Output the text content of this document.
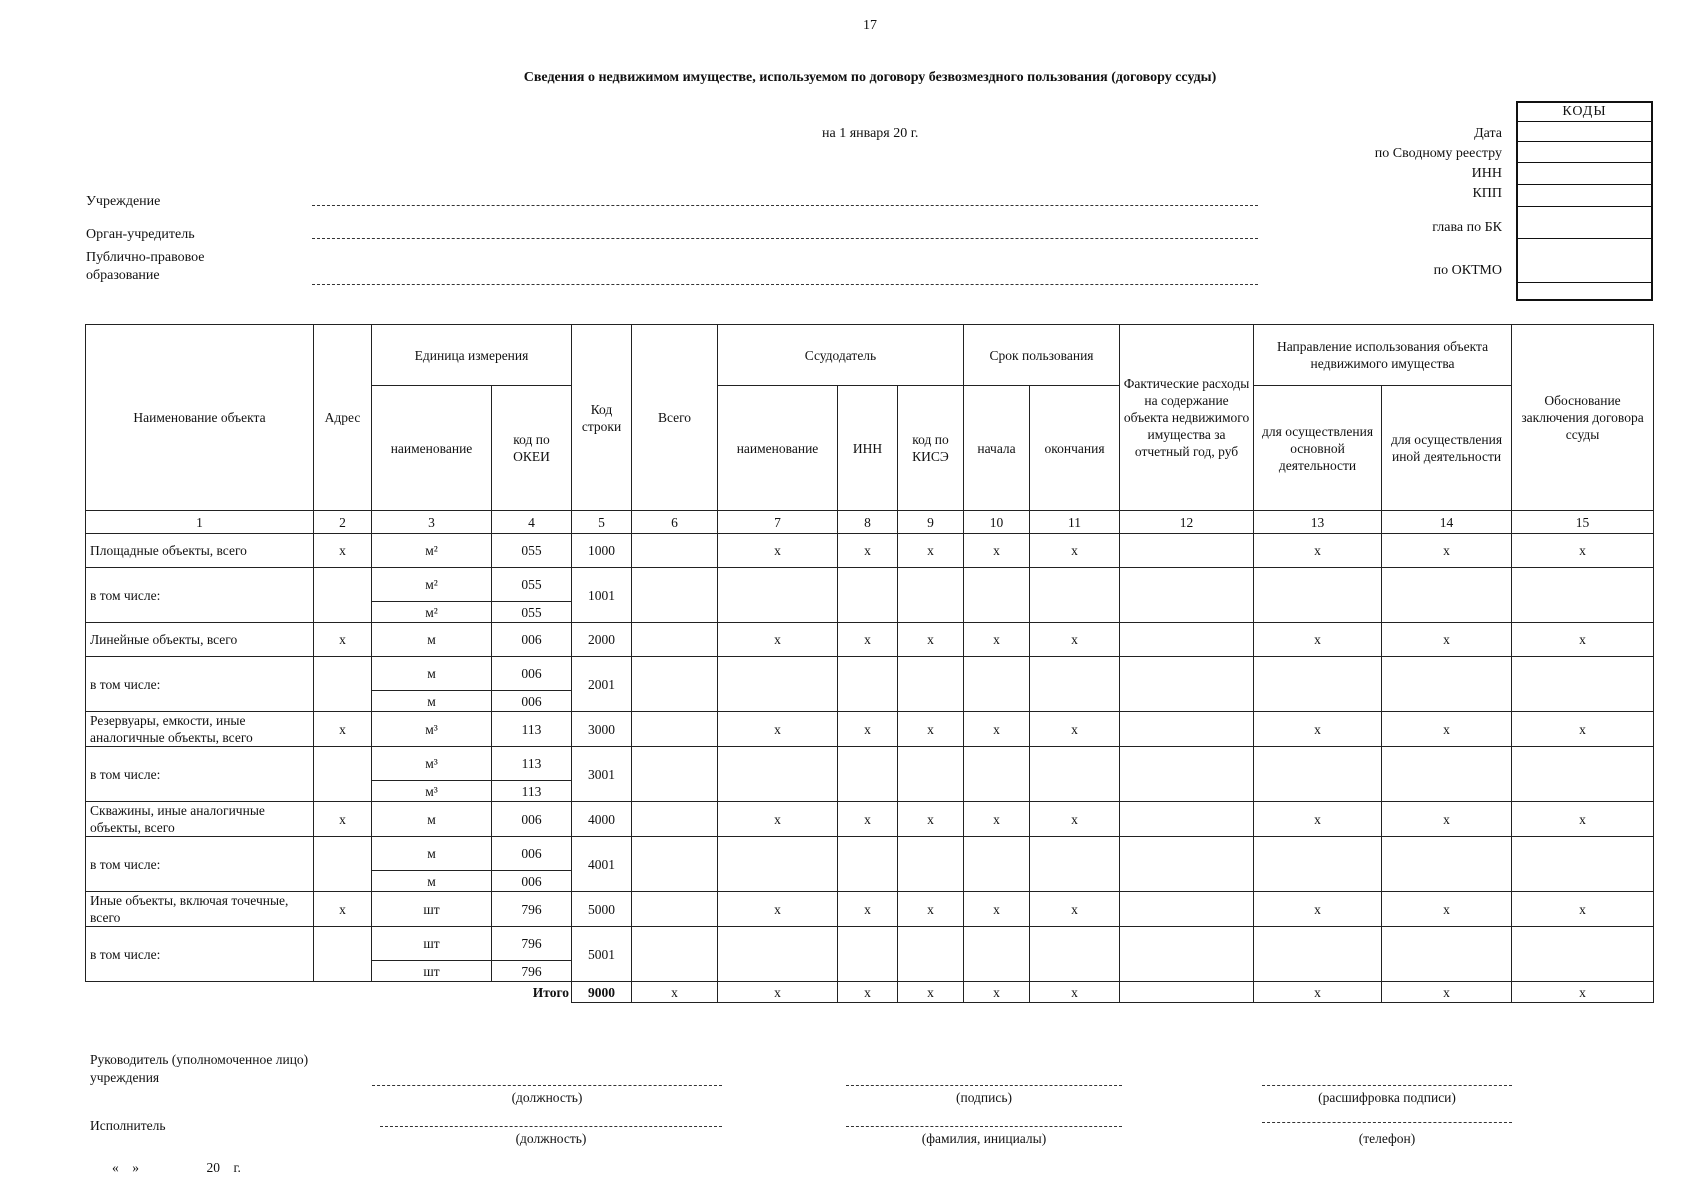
17
Сведения о недвижимом имуществе, используемом по договору безвозмездного пользования (договору ссуды)
на 1 января 20 г.
КОДЫ
Дата
по Сводному реестру
ИНН
КПП
глава по БК
по ОКТМО
Учреждение
Орган-учредитель
Публично-правовое образование
Наименование объекта	Адрес	Единица измерения		Код строки	Всего	Ссудодатель			Срок пользования		Фактические расходы на содержание объекта недвижимого имущества за отчетный год, руб	Направление использования объекта недвижимого имущества		Обоснование заключения договора ссуды
		наименование	код по ОКЕИ			наименование	ИНН	код по КИСЭ	начала	окончания		для осуществления основной деятельности	для осуществления иной деятельности	
1	2	3	4	5	6	7	8	9	10	11	12	13	14	15
Площадные объекты, всего	x	м²	055	1000		x	x	x	x	x		x	x	x
в том числе:		м²	055	1001										
		м²	055											
Линейные объекты, всего	x	м	006	2000		x	x	x	x	x		x	x	x
в том числе:		м	006	2001										
		м	006											
Резервуары, емкости, иные аналогичные объекты, всего	x	м³	113	3000		x	x	x	x	x		x	x	x
в том числе:		м³	113	3001										
		м³	113											
Скважины, иные аналогичные объекты, всего	x	м	006	4000		x	x	x	x	x		x	x	x
в том числе:		м	006	4001										
		м	006											
Иные объекты, включая точечные, всего	x	шт	796	5000		x	x	x	x	x		x	x	x
в том числе:		шт	796	5001										
		шт	796											
Итого				9000	x	x	x	x	x	x		x	x	x
Руководитель (уполномоченное лицо) учреждения
(должность)	(подпись)	(расшифровка подписи)
Исполнитель
(должность)	(фамилия, инициалы)	(телефон)
«    »                    20    г.
